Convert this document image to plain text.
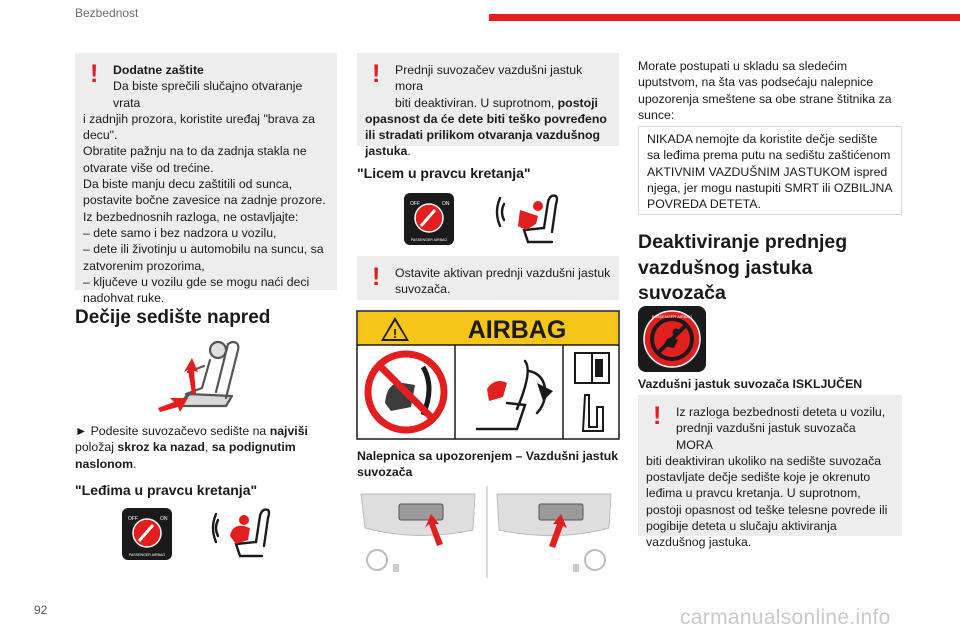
Bezbednost
! Dodatne zaštite
Da biste sprečili slučajno otvaranje vrata
i zadnjih prozora, koristite uređaj "brava za
decu".
Obratite pažnju na to da zadnja stakla ne
otvarate više od trećine.
Da biste manju decu zaštitili od sunca,
postavite bočne zavesice na zadnje prozore.
Iz bezbednosnih razloga, ne ostavljajte:
– dete samo i bez nadzora u vozilu,
– dete ili životinju u automobilu na suncu, sa
zatvorenim prozorima,
– ključeve u vozilu gde se mogu naći deci
nadohvat ruke.
Dečije sedište napred
► Podesite suvozačevo sedište na najviši
položaj skroz ka nazad, sa podignutim
naslonom.
"Leđima u pravcu kretanja"
OFF	ON
PASSENGER AIRBAG
!	Prednji suvozačev vazdušni jastuk mora
biti deaktiviran. U suprotnom, postoji
opasnost da će dete biti teško povređeno
ili stradati prilikom otvaranja vazdušnog
jastuka.
"Licem u pravcu kretanja"
OFF	ON
PASSENGER AIRBAG
!	Ostavite aktivan prednji vazdušni jastuk
suvozača.
!	AIRBAG
Nalepnica sa upozorenjem – Vazdušni jastuk
suvozača
Morate postupati u skladu sa sledećim
uputstvom, na šta vas podsećaju nalepnice
upozorenja smeštene sa obe strane štitnika za
sunce:
NIKADA nemojte da koristite dečje sedište
sa leđima prema putu na sedištu zaštićenom
AKTIVNIM VAZDUŠNIM JASTUKOM ispred
njega, jer mogu nastupiti SMRT ili OZBILJNA
POVREDA DETETA.
Deaktiviranje prednjeg
vazdušnog jastuka
suvozača
PASSENGER AIRBAG
Vazdušni jastuk suvozača ISKLJUČEN
!	Iz razloga bezbednosti deteta u vozilu,
prednji vazdušni jastuk suvozača MORA
biti deaktiviran ukoliko na sedište suvozača
postavljate dečje sedište koje je okrenuto
leđima u pravcu kretanja. U suprotnom,
postoji opasnost od teške telesne povrede ili
pogibije deteta u slučaju aktiviranja
vazdušnog jastuka.
92	carmanualsonline.info
